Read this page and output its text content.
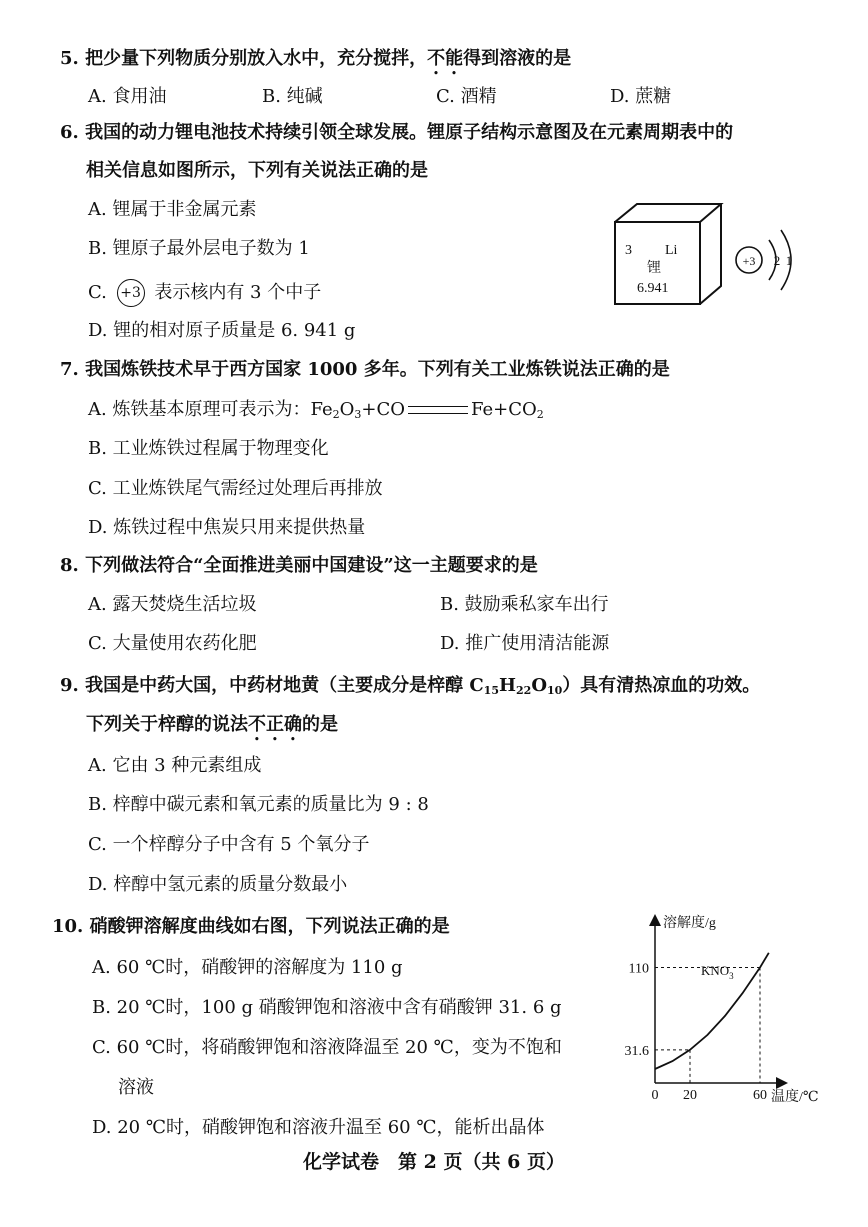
5. 把少量下列物质分别放入水中，充分搅拌，不能得到溶液的是
A. 食用油	B. 纯碱	C. 酒精	D. 蔗糖
6. 我国的动力锂电池技术持续引领全球发展。锂原子结构示意图及在元素周期表中的
相关信息如图所示，下列有关说法正确的是
A. 锂属于非金属元素
B. 锂原子最外层电子数为 1
C. +3 表示核内有 3 个中子
D. 锂的相对原子质量是 6. 941 g
3 Li
锂
6.941
+3 2 1
7. 我国炼铁技术早于西方国家 1000 多年。下列有关工业炼铁说法正确的是
A. 炼铁基本原理可表示为：$Fe_2O_3+CO$	$Fe+CO_2$
B. 工业炼铁过程属于物理变化
C. 工业炼铁尾气需经过处理后再排放
D. 炼铁过程中焦炭只用来提供热量
8. 下列做法符合“全面推进美丽中国建设”这一主题要求的是
A. 露天焚烧生活垃圾	B. 鼓励乘私家车出行
C. 大量使用农药化肥	D. 推广使用清洁能源
9. 我国是中药大国，中药材地黄（主要成分是梓醇 $C_{15}H_{22}O_{10}$）具有清热凉血的功效。
下列关于梓醇的说法不正确的是
A. 它由 3 种元素组成
B. 梓醇中碳元素和氧元素的质量比为 9 : 8
C. 一个梓醇分子中含有 5 个氧分子
D. 梓醇中氢元素的质量分数最小
10. 硝酸钾溶解度曲线如右图，下列说法正确的是
A. 60 ℃时，硝酸钾的溶解度为 110 g
B. 20 ℃时，100 g 硝酸钾饱和溶液中含有硝酸钾 31. 6 g
C. 60 ℃时，将硝酸钾饱和溶液降温至 20 ℃，变为不饱和
溶液
D. 20 ℃时，硝酸钾饱和溶液升温至 60 ℃，能析出晶体
溶解度/g
温度/℃
0 20	60
31.6
110	$KNO_3$
化学试卷　第 2 页（共 6 页）
